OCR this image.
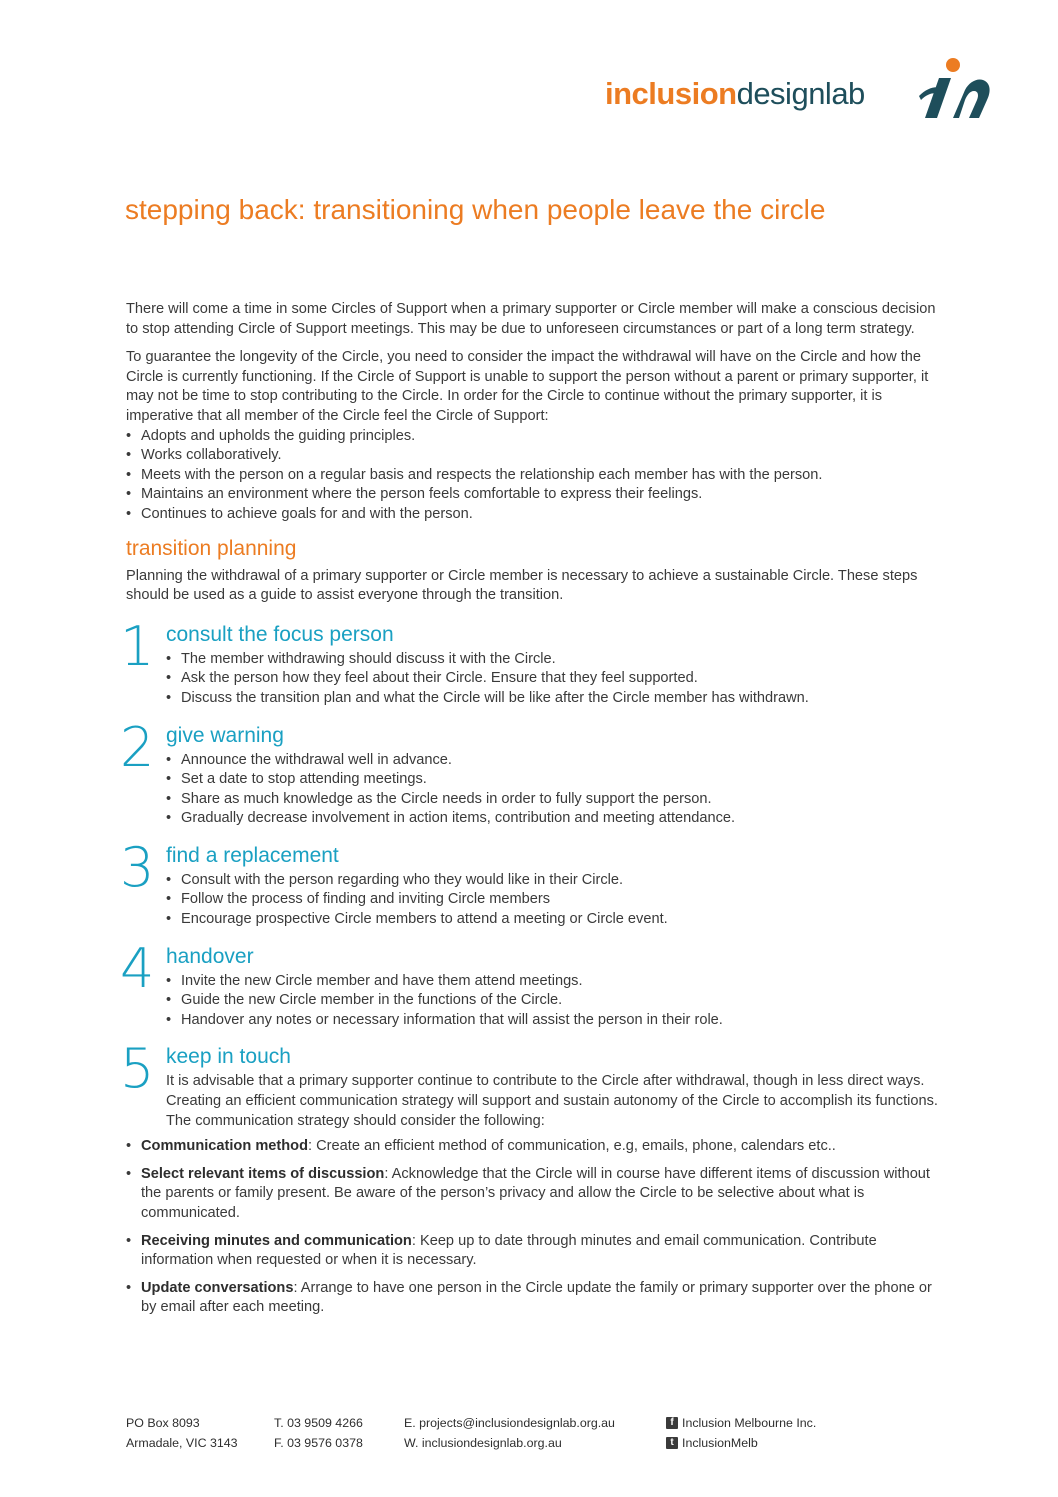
inclusiondesignlab
stepping back: transitioning when people leave the circle

There will come a time in some Circles of Support when a primary supporter or Circle member will make a conscious decision to stop attending Circle of Support meetings. This may be due to unforeseen circumstances or part of a long term strategy.

To guarantee the longevity of the Circle, you need to consider the impact the withdrawal will have on the Circle and how the Circle is currently functioning. If the Circle of Support is unable to support the person without a parent or primary supporter, it may not be time to stop contributing to the Circle. In order for the Circle to continue without the primary supporter, it is imperative that all member of the Circle feel the Circle of Support:

• Adopts and upholds the guiding principles.
• Works collaboratively.
• Meets with the person on a regular basis and respects the relationship each member has with the person.
• Maintains an environment where the person feels comfortable to express their feelings.
• Continues to achieve goals for and with the person.
transition planning

Planning the withdrawal of a primary supporter or Circle member is necessary to achieve a sustainable Circle. These steps should be used as a guide to assist everyone through the transition.

1 consult the focus person
• The member withdrawing should discuss it with the Circle.
• Ask the person how they feel about their Circle. Ensure that they feel supported.
• Discuss the transition plan and what the Circle will be like after the Circle member has withdrawn.
2 give warning
• Announce the withdrawal well in advance.
• Set a date to stop attending meetings.
• Share as much knowledge as the Circle needs in order to fully support the person.
• Gradually decrease involvement in action items, contribution and meeting attendance.
3 find a replacement
• Consult with the person regarding who they would like in their Circle.
• Follow the process of finding and inviting Circle members
• Encourage prospective Circle members to attend a meeting or Circle event.
4 handover
• Invite the new Circle member and have them attend meetings.
• Guide the new Circle member in the functions of the Circle.
• Handover any notes or necessary information that will assist the person in their role.
5 keep in touch

It is advisable that a primary supporter continue to contribute to the Circle after withdrawal, though in less direct ways. Creating an efficient communication strategy will support and sustain autonomy of the Circle to accomplish its functions. The communication strategy should consider the following:

• Communication method: Create an efficient method of communication, e.g, emails, phone, calendars etc..
• Select relevant items of discussion: Acknowledge that the Circle will in course have different items of discussion without the parents or family present. Be aware of the person’s privacy and allow the Circle to be selective about what is communicated.
• Receiving minutes and communication: Keep up to date through minutes and email communication. Contribute information when requested or when it is necessary.
• Update conversations: Arrange to have one person in the Circle update the family or primary supporter over the phone or by email after each meeting.
PO Box 8093
Armadale, VIC 3143
T. 03 9509 4266
F. 03 9576 0378
E. projects@inclusiondesignlab.org.au
W. inclusiondesignlab.org.au
f Inclusion Melbourne Inc.
t InclusionMelb
